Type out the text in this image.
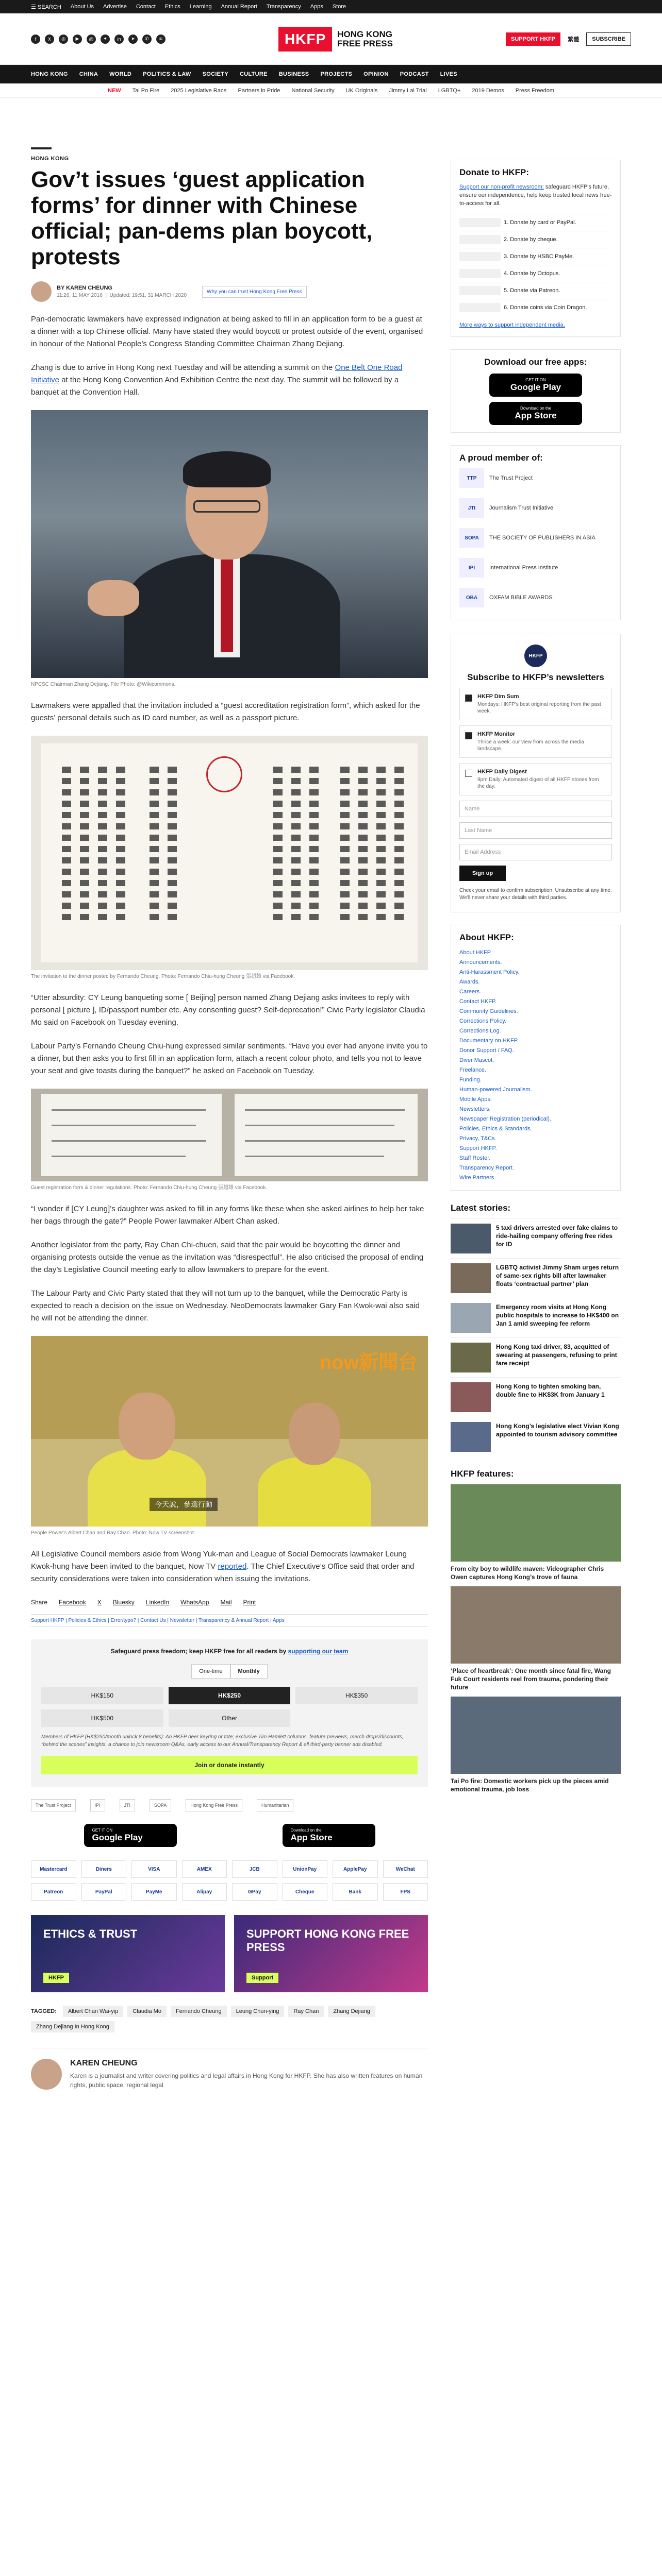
☰ SEARCH About Us Advertise Contact Ethics Learning Annual Report Transparency Apps Store
f	X	◎	▶	@	✦	in	➤	✆	≋	HKFP	HONG KONG
FREE PRESS	SUPPORT HKFP	繁體	SUBSCRIBE
HONG KONG CHINA WORLD POLITICS & LAW SOCIETY CULTURE BUSINESS PROJECTS OPINION PODCAST LIVES
NEW Tai Po Fire 2025 Legislative Race Partners in Pride National Security UK Originals Jimmy Lai Trial LGBTQ+ 2019 Demos Press Freedom
HONG KONG
Gov’t issues ‘guest application forms’ for dinner with Chinese official; pan-dems plan boycott, protests
BY KAREN CHEUNG
11:26, 11 MAY 2016  |  Updated: 19:51, 31 MARCH 2020
Why you can trust Hong Kong Free Press

Pan-democratic lawmakers have expressed indignation at being asked to fill in an application form to be a guest at a dinner with a top Chinese official. Many have stated they would boycott or protest outside of the event, organised in honour of the National People’s Congress Standing Committee Chairman Zhang Dejiang.

Zhang is due to arrive in Hong Kong next Tuesday and will be attending a summit on the One Belt One Road Initiative at the Hong Kong Convention And Exhibition Centre the next day. The summit will be followed by a banquet at the Convention Hall.

NPCSC Chairman Zhang Dejiang. File Photo: @Wikicommons.

Lawmakers were appalled that the invitation included a “guest accreditation registration form”, which asked for the guests’ personal details such as ID card number, as well as a passport picture.

The invitation to the dinner posted by Fernando Cheung. Photo: Fernando Chiu-hung Cheung 張超雄 via Facebook.

“Utter absurdity: CY Leung banqueting some [ Beijing] person named Zhang Dejiang asks invitees to reply with personal [ picture ], ID/passport number etc. Any consenting guest? Self-deprecation!” Civic Party legislator Claudia Mo said on Facebook on Tuesday evening.

Labour Party’s Fernando Cheung Chiu-hung expressed similar sentiments. “Have you ever had anyone invite you to a dinner, but then asks you to first fill in an application form, attach a recent colour photo, and tells you not to leave your seat and give toasts during the banquet?” he asked on Facebook on Tuesday.

Guest registration form & dinner regulations. Photo: Fernando Chiu-hung Cheung 張超雄 via Facebook.

“I wonder if [CY Leung]’s daughter was asked to fill in any forms like these when she asked airlines to help her take her bags through the gate?” People Power lawmaker Albert Chan asked.

Another legislator from the party, Ray Chan Chi-chuen, said that the pair would be boycotting the dinner and organising protests outside the venue as the invitation was “disrespectful”. He also criticised the proposal of ending the day’s Legislative Council meeting early to allow lawmakers to prepare for the event.

The Labour Party and Civic Party stated that they will not turn up to the banquet, while the Democratic Party is expected to reach a decision on the issue on Wednesday. NeoDemocrats lawmaker Gary Fan Kwok-wai also said he will not be attending the dinner.

now新聞台
今天說，參選行動
People Power’s Albert Chan and Ray Chan. Photo: Now TV screenshot.

All Legislative Council members aside from Wong Yuk-man and League of Social Democrats lawmaker Leung Kwok-hung have been invited to the banquet, Now TV reported. The Chief Executive’s Office said that order and security considerations were taken into consideration when issuing the invitations.

Share Facebook X Bluesky LinkedIn WhatsApp Mail Print
Support HKFP | Policies & Ethics | Error/typo? | Contact Us | Newsletter | Transparency & Annual Report | Apps
Safeguard press freedom; keep HKFP free for all readers by supporting our team
One-time	Monthly
HK$150	HK$250	HK$350
HK$500	Other
Members of HKFP (HK$250/month unlock 8 benefits): An HKFP deer keyring or tote; exclusive Tim Hamlett columns, feature previews, merch drops/discounts, “behind the scenes” insights, a chance to join newsroom Q&As, early access to our Annual/Transparency Report & all third-party banner ads disabled.
Join or donate instantly
The Trust Project	IPI	JTI	SOPA	Hong Kong Free Press	Humanitarian
GET IT ON
Google Play
Download on the
App Store
Mastercard	Diners	VISA	AMEX	JCB	UnionPay	ApplePay	WeChat
Patreon	PayPal	PayMe	Alipay	GPay	Cheque	Bank	FPS
ETHICS & TRUST
HKFP
SUPPORT HONG KONG FREE PRESS
Support
TAGGED:	Albert Chan Wai-yip	Claudia Mo	Fernando Cheung	Leung Chun-ying	Ray Chan	Zhang Dejiang
Zhang Dejiang In Hong Kong
KAREN CHEUNG
Karen is a journalist and writer covering politics and legal affairs in Hong Kong for HKFP. She has also written features on human rights, public space, regional legal
Donate to HKFP:

Support our non-profit newsroom: safeguard HKFP's future, ensure our independence, help keep trusted local news free-to-access for all.

1. Donate by card or PayPal.
2. Donate by cheque.
3. Donate by HSBC PayMe.
4. Donate by Octopus.
5. Donate via Patreon.
6. Donate coins via Coin Dragon.

More ways to support independent media.

Download our free apps:
GET IT ON
Google Play
Download on the
App Store
A proud member of:
TTP	The Trust Project
JTI	Journalism Trust Initiative
SOPA	THE SOCIETY OF PUBLISHERS IN ASIA
IPI	International Press Institute
OBA	OXFAM BIBLE AWARDS
HKFP
Subscribe to HKFP’s newsletters
HKFP Dim Sum
Mondays: HKFP's best original reporting from the past week.
HKFP Monitor
Thrice a week: our view from across the media landscape.
HKFP Daily Digest
9pm Daily: Automated digest of all HKFP stories from the day.
Name
Last Name
Email Address
Sign up
Check your email to confirm subscription. Unsubscribe at any time. We'll never share your details with third parties.
About HKFP:
About HKFP.
Announcements.
Anti-Harassment Policy.
Awards.
Careers.
Contact HKFP.
Community Guidelines.
Corrections Policy.
Corrections Log.
Documentary on HKFP.
Donor Support / FAQ.
Diver Mascot.
Freelance.
Funding.
Human-powered Journalism.
Mobile Apps.
Newsletters.
Newspaper Registration (periodical).
Policies, Ethics & Standards.
Privacy, T&Cs.
Support HKFP.
Staff Roster.
Transparency Report.
Wire Partners.
Latest stories:
5 taxi drivers arrested over fake claims to ride-hailing company offering free rides for ID
LGBTQ activist Jimmy Sham urges return of same-sex rights bill after lawmaker floats ‘contractual partner’ plan
Emergency room visits at Hong Kong public hospitals to increase to HK$400 on Jan 1 amid sweeping fee reform
Hong Kong taxi driver, 83, acquitted of swearing at passengers, refusing to print fare receipt
Hong Kong to tighten smoking ban, double fine to HK$3K from January 1
Hong Kong’s legislative elect Vivian Kong appointed to tourism advisory committee
HKFP features:
From city boy to wildlife maven: Videographer Chris Owen captures Hong Kong’s trove of fauna
‘Place of heartbreak’: One month since fatal fire, Wang Fuk Court residents reel from trauma, pondering their future
Tai Po fire: Domestic workers pick up the pieces amid emotional trauma, job loss
